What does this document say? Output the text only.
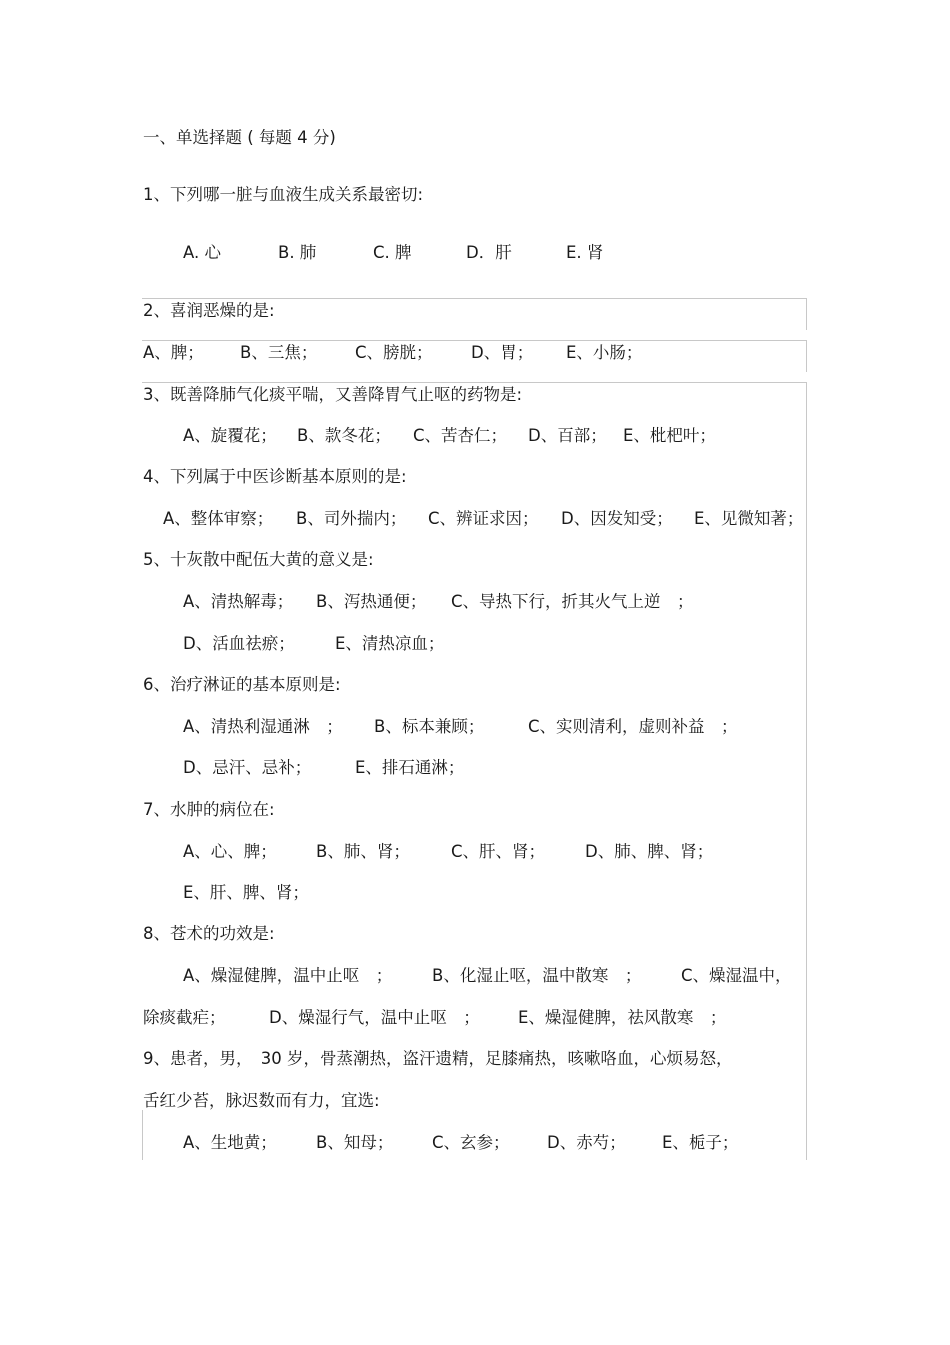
一、单选择题 ( 每题 4 分)
1、下列哪一脏与血液生成关系最密切:
A. 心	B. 肺	C. 脾	D．肝	E. 肾
2、喜润恶燥的是:
A、脾； B、三焦； C、膀胱； D、胃； E、小肠；
3、既善降肺气化痰平喘，又善降胃气止呕的药物是:
A、旋覆花； B、款冬花； C、苦杏仁； D、百部； E、枇杷叶；
4、下列属于中医诊断基本原则的是:
A、整体审察； B、司外揣内； C、辨证求因； D、因发知受； E、见微知著；
5、十灰散中配伍大黄的意义是:
A、清热解毒； B、泻热通便； C、导热下行，折其火气上逆　；
D、活血祛瘀； E、清热凉血；
6、治疗淋证的基本原则是:
A、清热利湿通淋　； B、标本兼顾；	C、实则清利，虚则补益　；
D、忌汗、忌补；	E、排石通淋；
7、水肿的病位在:
A、心、脾； B、肺、肾； C、肝、肾； D、肺、脾、肾；
E、肝、脾、肾；
8、苍术的功效是:
A、燥湿健脾，温中止呕　； B、化湿止呕，温中散寒　； C、燥湿温中，
除痰截疟；	D、燥湿行气，温中止呕　； E、燥湿健脾，祛风散寒　；
9、患者，男，　30 岁，骨蒸潮热，盗汗遗精，足膝痛热，咳嗽咯血，心烦易怒，
舌红少苔，脉迟数而有力，宜选:
A、生地黄； B、知母； C、玄参； D、赤芍； E、栀子；
